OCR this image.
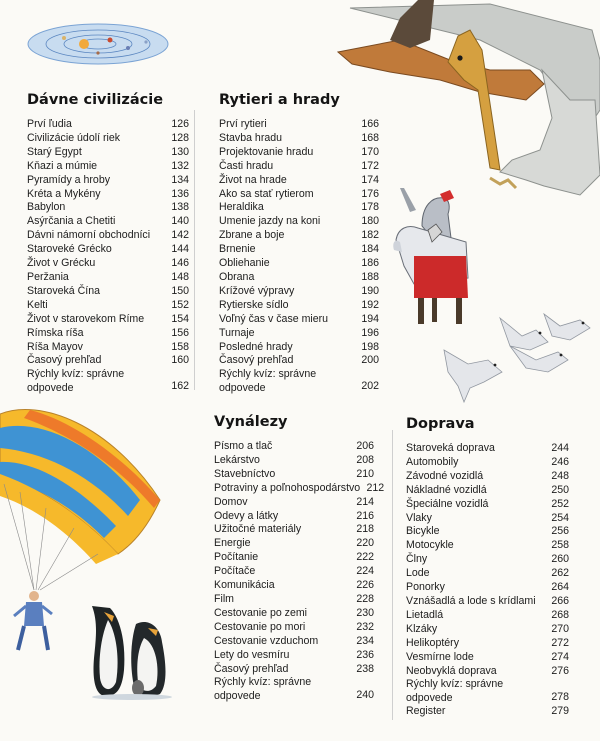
Dávne civilizácie
Prví ľudia	126
Civilizácie údolí riek	128
Starý Egypt	130
Kňazi a múmie	132
Pyramídy a hroby	134
Kréta a Mykény	136
Babylon	138
Asýrčania a Chetiti	140
Dávni námorní obchodníci	142
Staroveké Grécko	144
Život v Grécku	146
Peržania	148
Staroveká Čína	150
Kelti	152
Život v starovekom Ríme	154
Rímska ríša	156
Ríša Mayov	158
Časový prehľad	160
Rýchly kvíz: správne odpovede	162
Rytieri a hrady
Prví rytieri	166
Stavba hradu	168
Projektovanie hradu	170
Časti hradu	172
Život na hrade	174
Ako sa stať rytierom	176
Heraldika	178
Umenie jazdy na koni	180
Zbrane a boje	182
Brnenie	184
Obliehanie	186
Obrana	188
Krížové výpravy	190
Rytierske sídlo	192
Voľný čas v čase mieru	194
Turnaje	196
Posledné hrady	198
Časový prehľad	200
Rýchly kvíz: správne odpovede	202
Vynálezy
Písmo a tlač	206
Lekárstvo	208
Stavebníctvo	210
Potraviny a poľnohospodárstvo 212
Domov	214
Odevy a látky	216
Užitočné materiály	218
Energie	220
Počítanie	222
Počítače	224
Komunikácia	226
Film	228
Cestovanie po zemi	230
Cestovanie po mori	232
Cestovanie vzduchom	234
Lety do vesmíru	236
Časový prehľad	238
Rýchly kvíz: správne odpovede	240
Doprava
Staroveká doprava	244
Automobily	246
Závodné vozidlá	248
Nákladné vozidlá	250
Špeciálne vozidlá	252
Vlaky	254
Bicykle	256
Motocykle	258
Člny	260
Lode	262
Ponorky	264
Vznášadlá a lode s krídlami	266
Lietadlá	268
Klzáky	270
Helikoptéry	272
Vesmírne lode	274
Neobvyklá doprava	276
Rýchly kvíz: správne odpovede	278
Register	279
